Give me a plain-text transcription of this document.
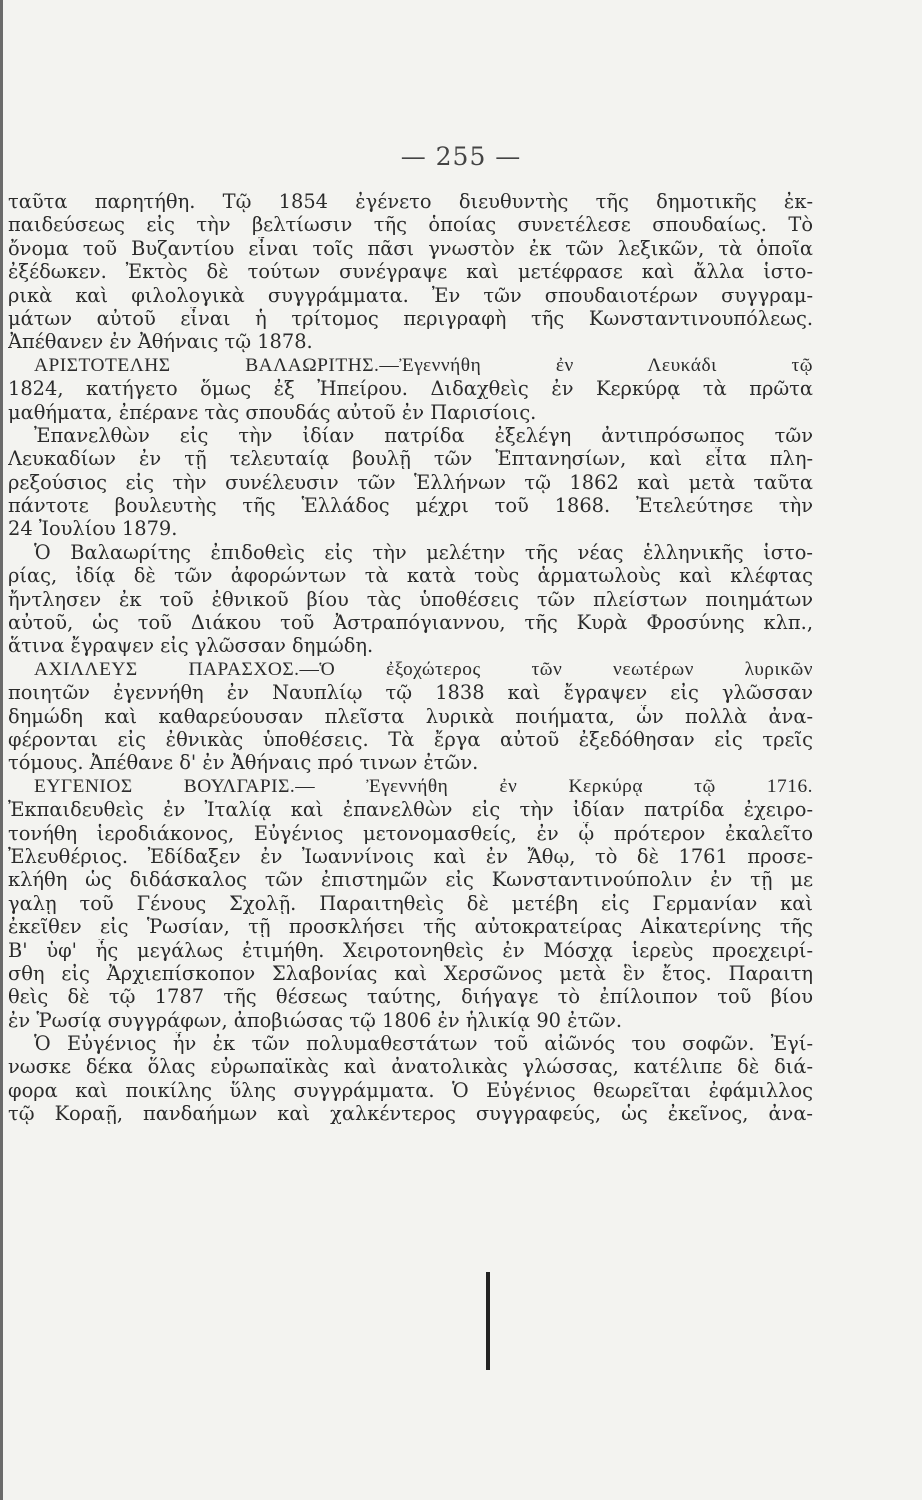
— 255 —
ταῦτα παρητήθη. Τῷ 1854 ἐγένετο διευθυντὴς τῆς δημοτικῆς ἐκ-
παιδεύσεως εἰς τὴν βελτίωσιν τῆς ὁποίας συνετέλεσε σπουδαίως. Τὸ
ὄνομα τοῦ Βυζαντίου εἶναι τοῖς πᾶσι γνωστὸν ἐκ τῶν λεξικῶν, τὰ ὁποῖα
ἐξέδωκεν. Ἐκτὸς δὲ τούτων συνέγραψε καὶ μετέφρασε καὶ ἄλλα ἱστο-
ρικὰ καὶ φιλολογικὰ συγγράμματα. Ἐν τῶν σπουδαιοτέρων συγγραμ-
μάτων αὐτοῦ εἶναι ἡ τρίτομος περιγραφὴ τῆς Κωνσταντινουπόλεως.
Ἀπέθανεν ἐν Ἀθήναις τῷ 1878.
ΑΡΙΣΤΟΤΕΛΗΣ ΒΑΛΑΩΡΙΤΗΣ.—Ἐγεννήθη ἐν Λευκάδι τῷ
1824, κατήγετο ὅμως ἐξ Ἠπείρου. Διδαχθεὶς ἐν Κερκύρᾳ τὰ πρῶτα
μαθήματα, ἐπέρανε τὰς σπουδάς αὐτοῦ ἐν Παρισίοις.
Ἐπανελθὼν εἰς τὴν ἰδίαν πατρίδα ἐξελέγη ἀντιπρόσωπος τῶν
Λευκαδίων ἐν τῇ τελευταίᾳ βουλῇ τῶν Ἑπτανησίων, καὶ εἶτα πλη-
ρεξούσιος εἰς τὴν συνέλευσιν τῶν Ἑλλήνων τῷ 1862 καὶ μετὰ ταῦτα
πάντοτε βουλευτὴς τῆς Ἑλλάδος μέχρι τοῦ 1868. Ἐτελεύτησε τὴν
24 Ἰουλίου 1879.
Ὁ Βαλαωρίτης ἐπιδοθεὶς εἰς τὴν μελέτην τῆς νέας ἑλληνικῆς ἱστο-
ρίας, ἰδίᾳ δὲ τῶν ἀφορώντων τὰ κατὰ τοὺς ἁρματωλοὺς καὶ κλέφτας
ἤντλησεν ἐκ τοῦ ἐθνικοῦ βίου τὰς ὑποθέσεις τῶν πλείστων ποιημάτων
αὐτοῦ, ὡς τοῦ Διάκου τοῦ Ἀστραπόγιαννου, τῆς Κυρὰ Φροσύνης κλπ.,
ἅτινα ἔγραψεν εἰς γλῶσσαν δημώδη.
ΑΧΙΛΛΕΥΣ ΠΑΡΑΣΧΟΣ.—Ὁ ἐξοχώτερος τῶν νεωτέρων λυρικῶν
ποιητῶν ἐγεννήθη ἐν Ναυπλίῳ τῷ 1838 καὶ ἔγραψεν εἰς γλῶσσαν
δημώδη καὶ καθαρεύουσαν πλεῖστα λυρικὰ ποιήματα, ὧν πολλὰ ἀνα-
φέρονται εἰς ἐθνικὰς ὑποθέσεις. Τὰ ἔργα αὐτοῦ ἐξεδόθησαν εἰς τρεῖς
τόμους. Ἀπέθανε δ' ἐν Ἀθήναις πρό τινων ἐτῶν.
ΕΥΓΕΝΙΟΣ ΒΟΥΛΓΑΡΙΣ.— Ἐγεννήθη ἐν Κερκύρᾳ τῷ 1716.
Ἐκπαιδευθεὶς ἐν Ἰταλίᾳ καὶ ἐπανελθὼν εἰς τὴν ἰδίαν πατρίδα ἐχειρο-
τονήθη ἱεροδιάκονος, Εὐγένιος μετονομασθείς, ἐν ᾧ πρότερον ἐκαλεῖτο
Ἐλευθέριος. Ἐδίδαξεν ἐν Ἰωαννίνοις καὶ ἐν Ἄθῳ, τὸ δὲ 1761 προσε-
κλήθη ὡς διδάσκαλος τῶν ἐπιστημῶν εἰς Κωνσταντινούπολιν ἐν τῇ με
γαλῃ τοῦ Γένους Σχολῇ. Παραιτηθεὶς δὲ μετέβη εἰς Γερμανίαν καὶ
ἐκεῖθεν εἰς Ῥωσίαν, τῇ προσκλήσει τῆς αὐτοκρατείρας Αἰκατερίνης τῆς
Β' ὑφ' ἧς μεγάλως ἐτιμήθη. Χειροτονηθεὶς ἐν Μόσχᾳ ἱερεὺς προεχειρί-
σθη εἰς Ἀρχιεπίσκοπον Σλαβονίας καὶ Χερσῶνος μετὰ ἓν ἔτος. Παραιτη
θεὶς δὲ τῷ 1787 τῆς θέσεως ταύτης, διήγαγε τὸ ἐπίλοιπον τοῦ βίου
ἐν Ῥωσίᾳ συγγράφων, ἀποβιώσας τῷ 1806 ἐν ἡλικίᾳ 90 ἐτῶν.
Ὁ Εὐγένιος ἦν ἐκ τῶν πολυμαθεστάτων τοῦ αἰῶνός του σοφῶν. Ἐγί-
νωσκε δέκα ὅλας εὐρωπαϊκὰς καὶ ἀνατολικὰς γλώσσας, κατέλιπε δὲ διά-
φορα καὶ ποικίλης ὕλης συγγράμματα. Ὁ Εὐγένιος θεωρεῖται ἐφάμιλλος
τῷ Κοραῇ, πανδαήμων καὶ χαλκέντερος συγγραφεύς, ὡς ἐκεῖνος, ἀνα-
